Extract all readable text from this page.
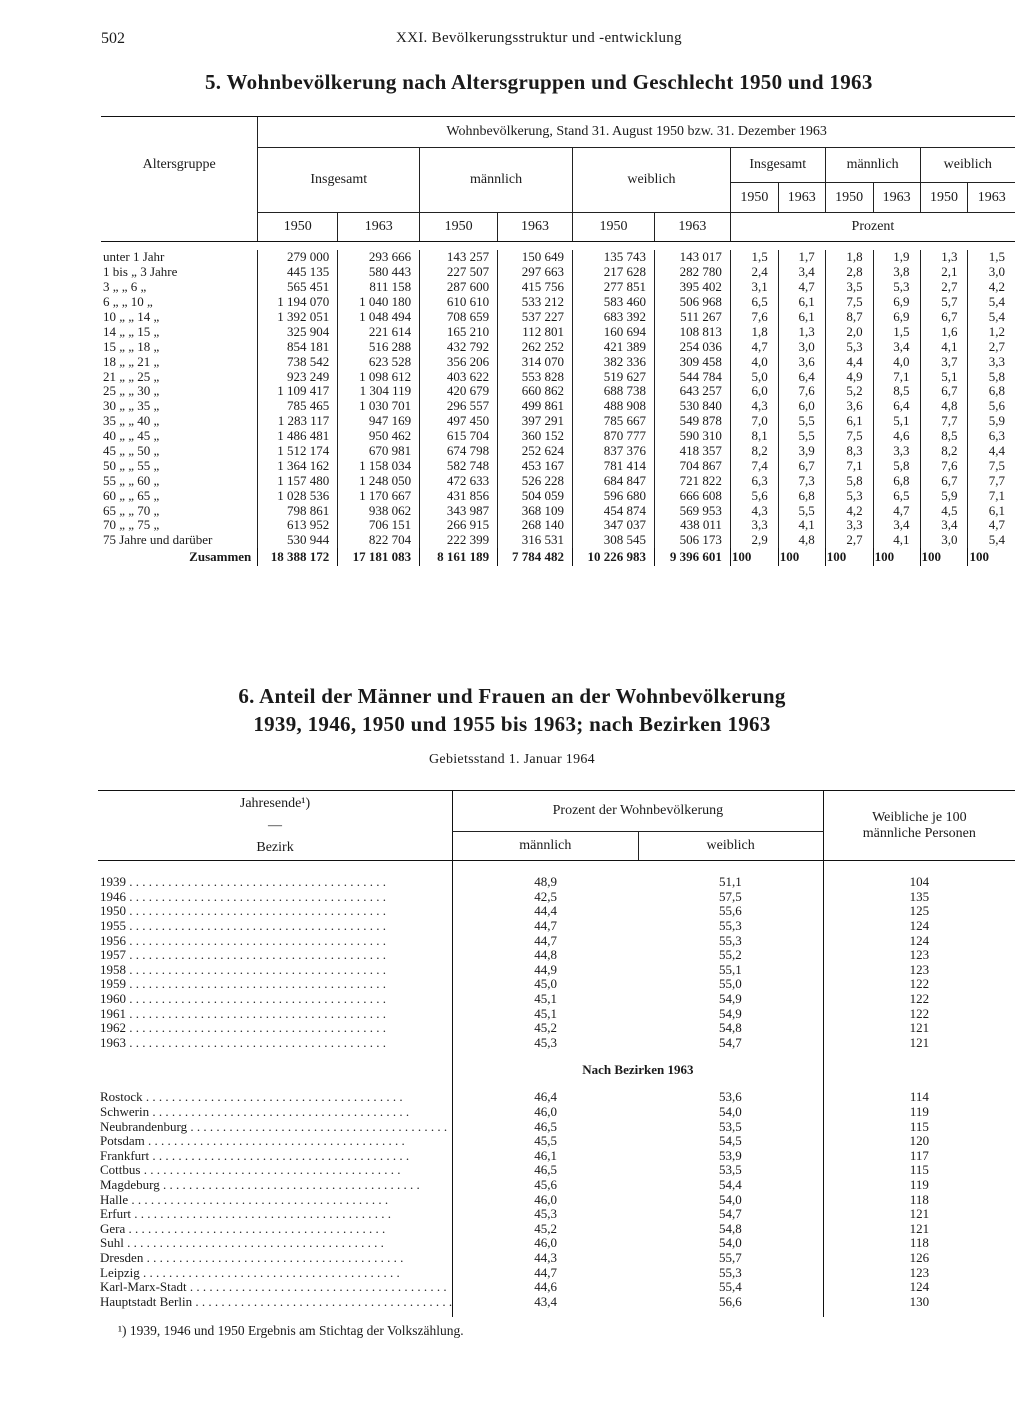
502	XXI. Bevölkerungsstruktur und -entwicklung
5. Wohnbevölkerung nach Altersgruppen und Geschlecht 1950 und 1963
Altersgruppe	Wohnbevölkerung, Stand 31. August 1950 bzw. 31. Dezember 1963											
	Insgesamt		männlich		weiblich		Insgesamt		männlich		weiblich	
							1950	1963	1950	1963	1950	1963
	1950	1963	1950	1963	1950	1963	Prozent					

unter 1 Jahr	279 000	293 666	143 257	150 649	135 743	143 017	1,5	1,7	1,8	1,9	1,3	1,5
1 bis „ 3 Jahre	445 135	580 443	227 507	297 663	217 628	282 780	2,4	3,4	2,8	3,8	2,1	3,0
3 „ „ 6 „	565 451	811 158	287 600	415 756	277 851	395 402	3,1	4,7	3,5	5,3	2,7	4,2
6 „ „ 10 „	1 194 070	1 040 180	610 610	533 212	583 460	506 968	6,5	6,1	7,5	6,9	5,7	5,4
10 „ „ 14 „	1 392 051	1 048 494	708 659	537 227	683 392	511 267	7,6	6,1	8,7	6,9	6,7	5,4
14 „ „ 15 „	325 904	221 614	165 210	112 801	160 694	108 813	1,8	1,3	2,0	1,5	1,6	1,2
15 „ „ 18 „	854 181	516 288	432 792	262 252	421 389	254 036	4,7	3,0	5,3	3,4	4,1	2,7
18 „ „ 21 „	738 542	623 528	356 206	314 070	382 336	309 458	4,0	3,6	4,4	4,0	3,7	3,3
21 „ „ 25 „	923 249	1 098 612	403 622	553 828	519 627	544 784	5,0	6,4	4,9	7,1	5,1	5,8
25 „ „ 30 „	1 109 417	1 304 119	420 679	660 862	688 738	643 257	6,0	7,6	5,2	8,5	6,7	6,8
30 „ „ 35 „	785 465	1 030 701	296 557	499 861	488 908	530 840	4,3	6,0	3,6	6,4	4,8	5,6
35 „ „ 40 „	1 283 117	947 169	497 450	397 291	785 667	549 878	7,0	5,5	6,1	5,1	7,7	5,9
40 „ „ 45 „	1 486 481	950 462	615 704	360 152	870 777	590 310	8,1	5,5	7,5	4,6	8,5	6,3
45 „ „ 50 „	1 512 174	670 981	674 798	252 624	837 376	418 357	8,2	3,9	8,3	3,3	8,2	4,4
50 „ „ 55 „	1 364 162	1 158 034	582 748	453 167	781 414	704 867	7,4	6,7	7,1	5,8	7,6	7,5
55 „ „ 60 „	1 157 480	1 248 050	472 633	526 228	684 847	721 822	6,3	7,3	5,8	6,8	6,7	7,7
60 „ „ 65 „	1 028 536	1 170 667	431 856	504 059	596 680	666 608	5,6	6,8	5,3	6,5	5,9	7,1
65 „ „ 70 „	798 861	938 062	343 987	368 109	454 874	569 953	4,3	5,5	4,2	4,7	4,5	6,1
70 „ „ 75 „	613 952	706 151	266 915	268 140	347 037	438 011	3,3	4,1	3,3	3,4	3,4	4,7
75 Jahre und darüber	530 944	822 704	222 399	316 531	308 545	506 173	2,9	4,8	2,7	4,1	3,0	5,4
Zusammen	18 388 172	17 181 083	8 161 189	7 784 482	10 226 983	9 396 601	100	100	100	100	100	100
6. Anteil der Männer und Frauen an der Wohnbevölkerung
1939, 1946, 1950 und 1955 bis 1963; nach Bezirken 1963
Gebietsstand 1. Januar 1964
Jahresende¹)
—
Bezirk	Prozent der Wohnbevölkerung		Weibliche je 100
männliche Personen
	männlich	weiblich	

1939 . . . . . . . . . . . . . . . . . . . . . . . . . . . . . . . . . . . . . . . .	48,9	51,1	104
1946 . . . . . . . . . . . . . . . . . . . . . . . . . . . . . . . . . . . . . . . .	42,5	57,5	135
1950 . . . . . . . . . . . . . . . . . . . . . . . . . . . . . . . . . . . . . . . .	44,4	55,6	125
1955 . . . . . . . . . . . . . . . . . . . . . . . . . . . . . . . . . . . . . . . .	44,7	55,3	124
1956 . . . . . . . . . . . . . . . . . . . . . . . . . . . . . . . . . . . . . . . .	44,7	55,3	124
1957 . . . . . . . . . . . . . . . . . . . . . . . . . . . . . . . . . . . . . . . .	44,8	55,2	123
1958 . . . . . . . . . . . . . . . . . . . . . . . . . . . . . . . . . . . . . . . .	44,9	55,1	123
1959 . . . . . . . . . . . . . . . . . . . . . . . . . . . . . . . . . . . . . . . .	45,0	55,0	122
1960 . . . . . . . . . . . . . . . . . . . . . . . . . . . . . . . . . . . . . . . .	45,1	54,9	122
1961 . . . . . . . . . . . . . . . . . . . . . . . . . . . . . . . . . . . . . . . .	45,1	54,9	122
1962 . . . . . . . . . . . . . . . . . . . . . . . . . . . . . . . . . . . . . . . .	45,2	54,8	121
1963 . . . . . . . . . . . . . . . . . . . . . . . . . . . . . . . . . . . . . . . .	45,3	54,7	121
	Nach Bezirken 1963		
Rostock . . . . . . . . . . . . . . . . . . . . . . . . . . . . . . . . . . . . . . . .	46,4	53,6	114
Schwerin . . . . . . . . . . . . . . . . . . . . . . . . . . . . . . . . . . . . . . . .	46,0	54,0	119
Neubrandenburg . . . . . . . . . . . . . . . . . . . . . . . . . . . . . . . . . . . . . . . .	46,5	53,5	115
Potsdam . . . . . . . . . . . . . . . . . . . . . . . . . . . . . . . . . . . . . . . .	45,5	54,5	120
Frankfurt . . . . . . . . . . . . . . . . . . . . . . . . . . . . . . . . . . . . . . . .	46,1	53,9	117
Cottbus . . . . . . . . . . . . . . . . . . . . . . . . . . . . . . . . . . . . . . . .	46,5	53,5	115
Magdeburg . . . . . . . . . . . . . . . . . . . . . . . . . . . . . . . . . . . . . . . .	45,6	54,4	119
Halle . . . . . . . . . . . . . . . . . . . . . . . . . . . . . . . . . . . . . . . .	46,0	54,0	118
Erfurt . . . . . . . . . . . . . . . . . . . . . . . . . . . . . . . . . . . . . . . .	45,3	54,7	121
Gera . . . . . . . . . . . . . . . . . . . . . . . . . . . . . . . . . . . . . . . .	45,2	54,8	121
Suhl . . . . . . . . . . . . . . . . . . . . . . . . . . . . . . . . . . . . . . . .	46,0	54,0	118
Dresden . . . . . . . . . . . . . . . . . . . . . . . . . . . . . . . . . . . . . . . .	44,3	55,7	126
Leipzig . . . . . . . . . . . . . . . . . . . . . . . . . . . . . . . . . . . . . . . .	44,7	55,3	123
Karl-Marx-Stadt . . . . . . . . . . . . . . . . . . . . . . . . . . . . . . . . . . . . . . . .	44,6	55,4	124
Hauptstadt Berlin . . . . . . . . . . . . . . . . . . . . . . . . . . . . . . . . . . . . . . . .	43,4	56,6	130

¹) 1939, 1946 und 1950 Ergebnis am Stichtag der Volkszählung.
